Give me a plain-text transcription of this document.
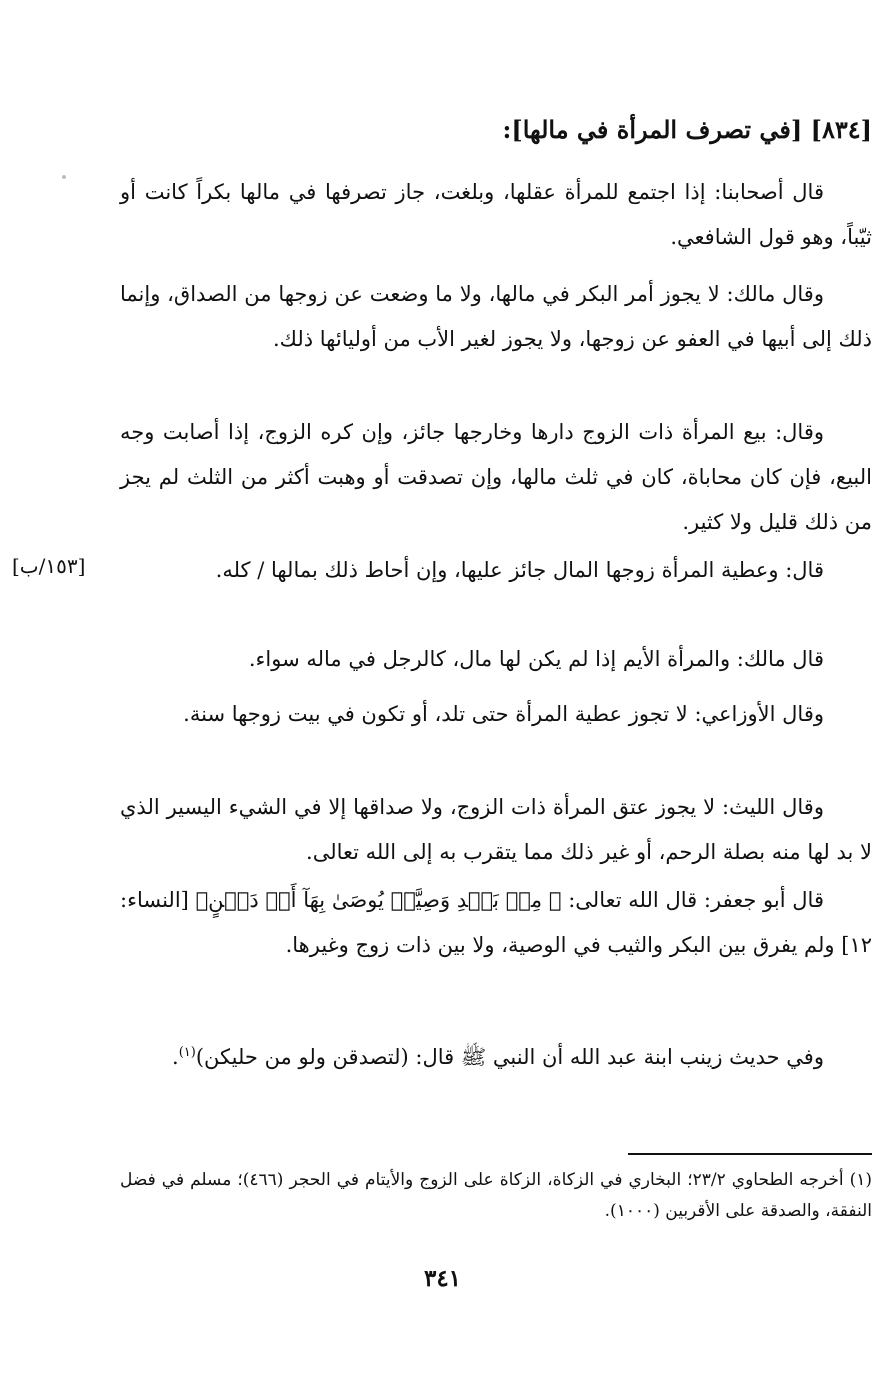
[٨٣٤] [في تصرف المرأة في مالها]:
قال أصحابنا: إذا اجتمع للمرأة عقلها، وبلغت، جاز تصرفها في مالها بكراً كانت أو ثيّباً، وهو قول الشافعي.
وقال مالك: لا يجوز أمر البكر في مالها، ولا ما وضعت عن زوجها من الصداق، وإنما ذلك إلى أبيها في العفو عن زوجها، ولا يجوز لغير الأب من أوليائها ذلك.
وقال: بيع المرأة ذات الزوج دارها وخارجها جائز، وإن كره الزوج، إذا أصابت وجه البيع، فإن كان محاباة، كان في ثلث مالها، وإن تصدقت أو وهبت أكثر من الثلث لم يجز من ذلك قليل ولا كثير.
قال: وعطية المرأة زوجها المال جائز عليها، وإن أحاط ذلك بمالها / كله.
[١٥٣/ب]
قال مالك: والمرأة الأيم إذا لم يكن لها مال، كالرجل في ماله سواء.
وقال الأوزاعي: لا تجوز عطية المرأة حتى تلد، أو تكون في بيت زوجها سنة.
وقال الليث: لا يجوز عتق المرأة ذات الزوج، ولا صداقها إلا في الشيء اليسير الذي لا بد لها منه بصلة الرحم، أو غير ذلك مما يتقرب به إلى الله تعالى.
قال أبو جعفر: قال الله تعالى: ﴿ مِنۢ بَعۡدِ وَصِيَّةٖ يُوصَىٰ بِهَآ أَوۡ دَيۡنٍ﴾ [النساء: ١٢] ولم يفرق بين البكر والثيب في الوصية، ولا بين ذات زوج وغيرها.
وفي حديث زينب ابنة عبد الله أن النبي ﷺ قال: (لتصدقن ولو من حليكن)$^{(١)}$.
(١) أخرجه الطحاوي ٢٣/٢؛ البخاري في الزكاة، الزكاة على الزوج والأيتام في الحجر (٤٦٦)؛ مسلم في فضل النفقة، والصدقة على الأقربين (١٠٠٠).
٣٤١
